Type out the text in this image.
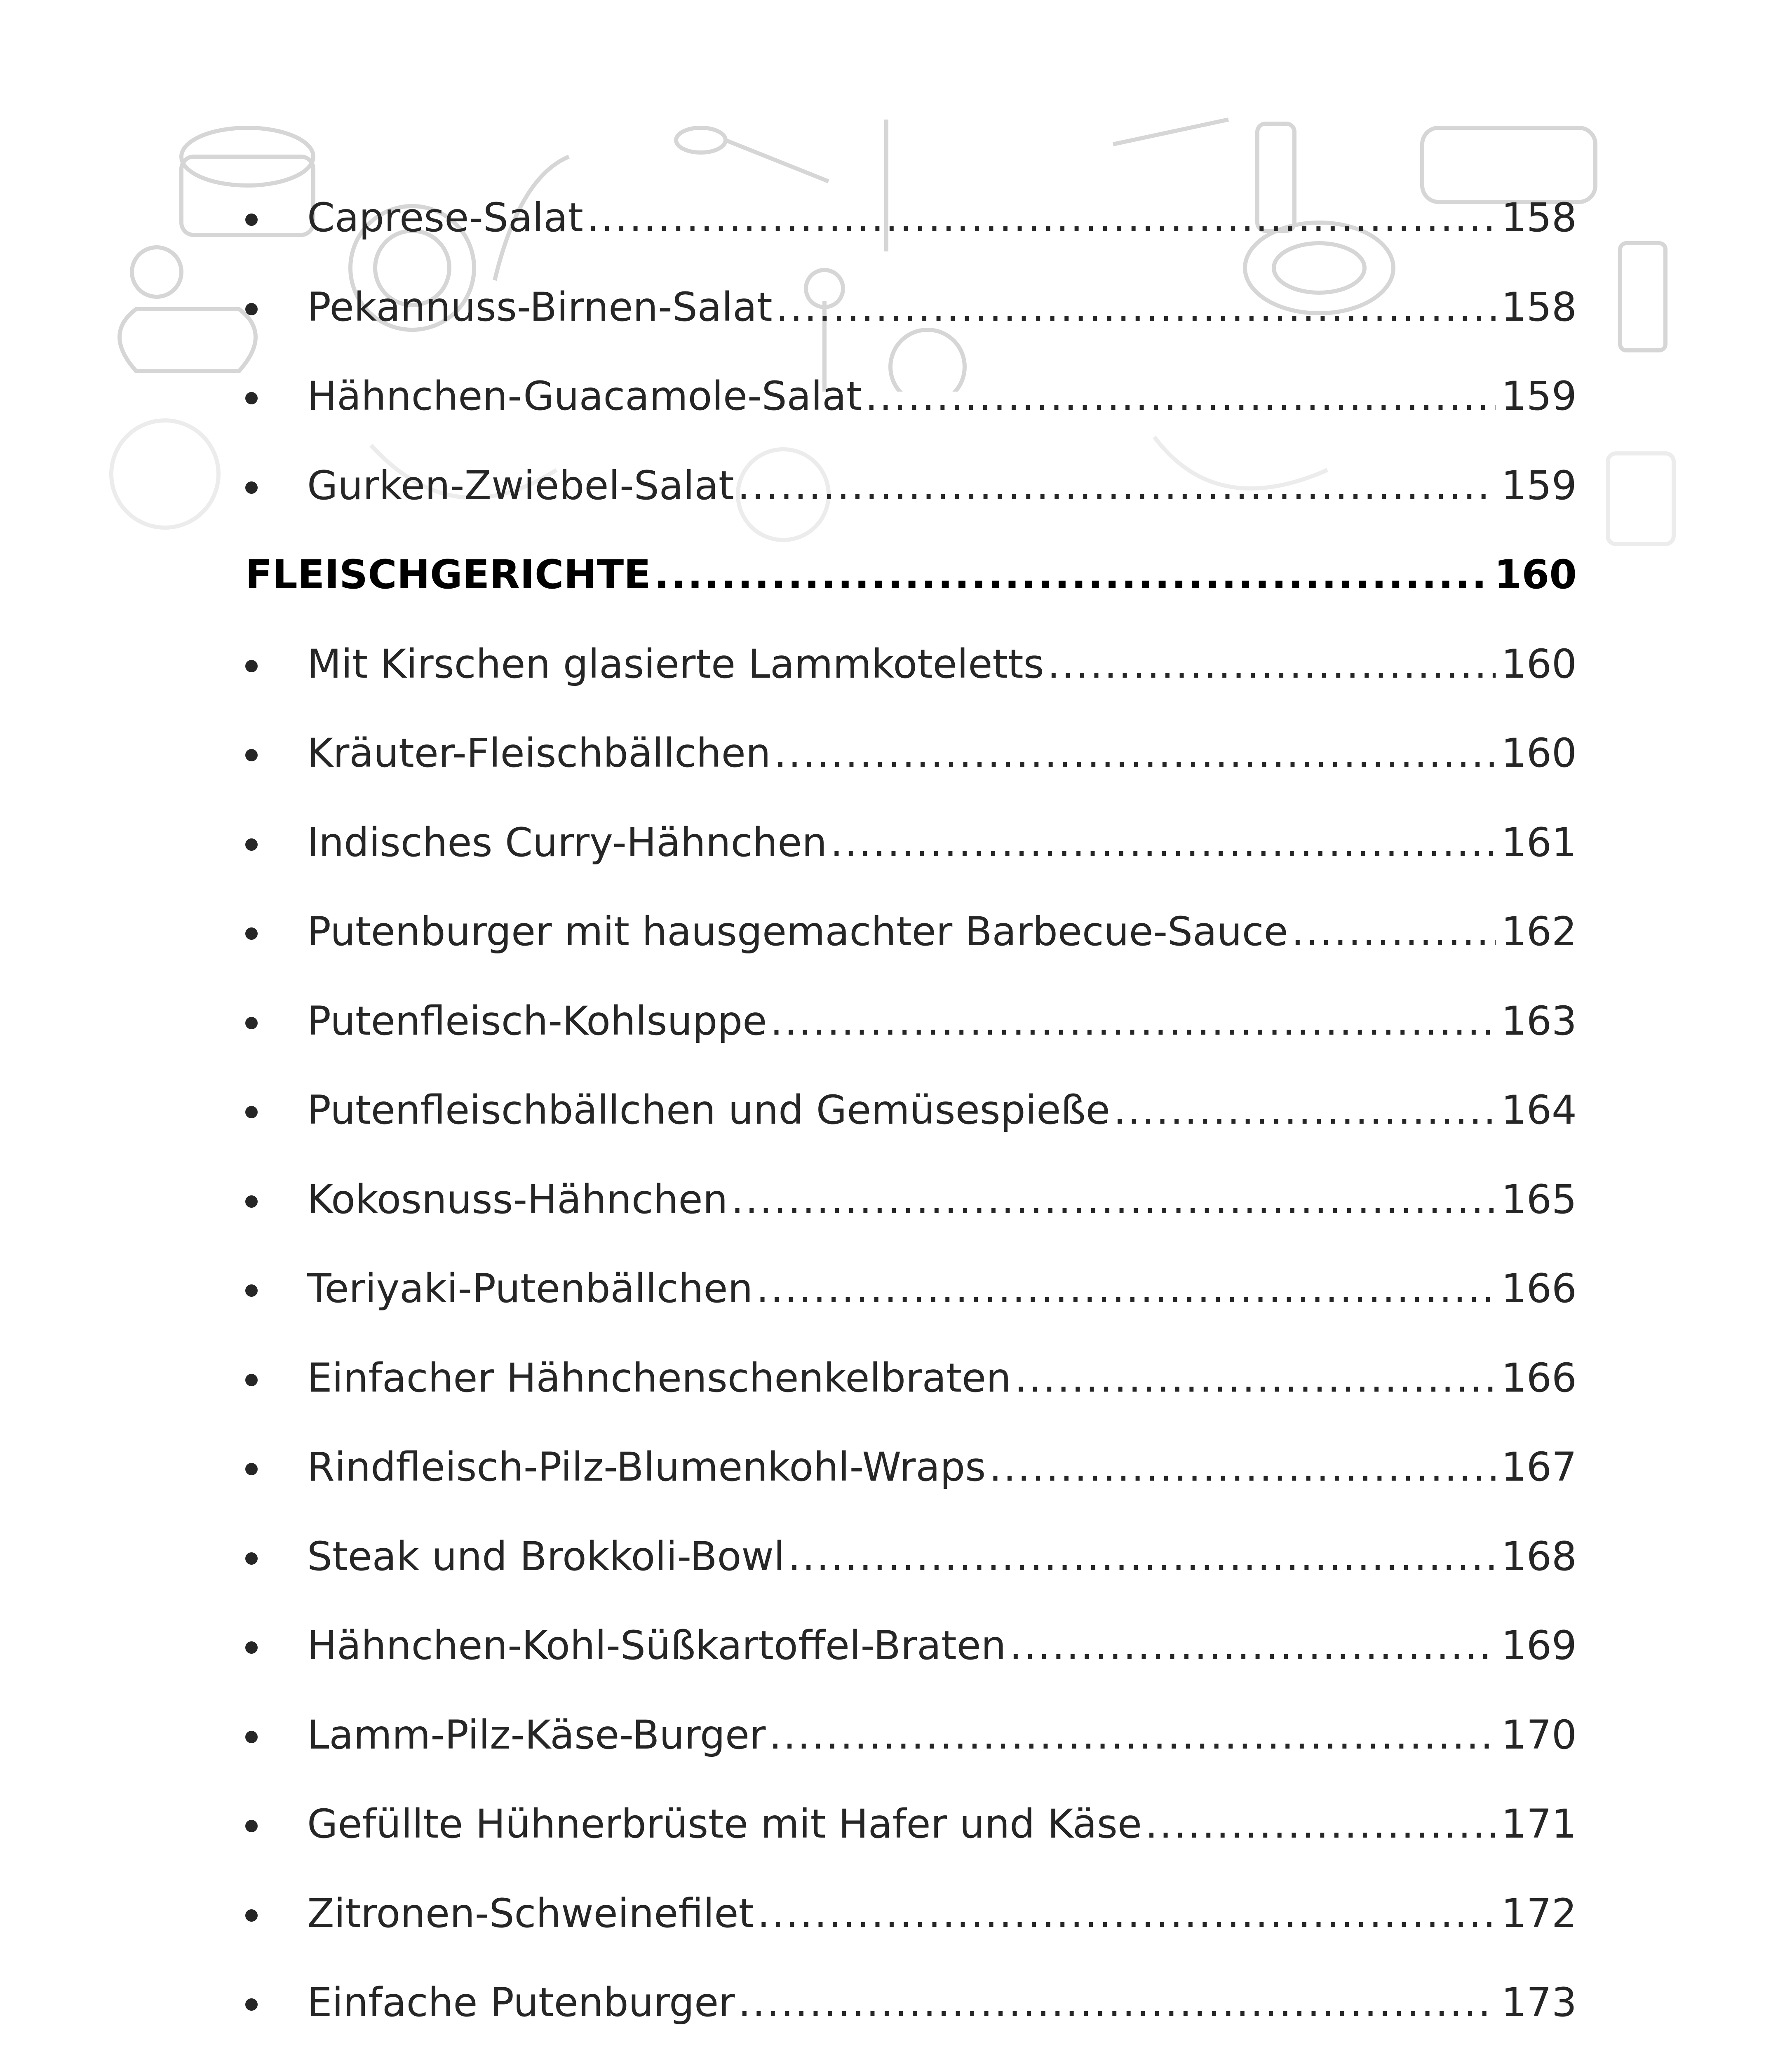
Caprese-Salat .....	158
Pekannuss-Birnen-Salat .....	158
Hähnchen-Guacamole-Salat .....	159
Gurken-Zwiebel-Salat .....	159
FLEISCHGERICHTE .....	160
Mit Kirschen glasierte Lammkoteletts .....	160
Kräuter-Fleischbällchen .....	160
Indisches Curry-Hähnchen .....	161
Putenburger mit hausgemachter Barbecue-Sauce .....	162
Putenfleisch-Kohlsuppe .....	163
Putenfleischbällchen und Gemüsespieße .....	164
Kokosnuss-Hähnchen .....	165
Teriyaki-Putenbällchen .....	166
Einfacher Hähnchenschenkelbraten .....	166
Rindfleisch-Pilz-Blumenkohl-Wraps .....	167
Steak und Brokkoli-Bowl .....	168
Hähnchen-Kohl-Süßkartoffel-Braten .....	169
Lamm-Pilz-Käse-Burger .....	170
Gefüllte Hühnerbrüste mit Hafer und Käse .....	171
Zitronen-Schweinefilet .....	172
Einfache Putenburger .....	173
